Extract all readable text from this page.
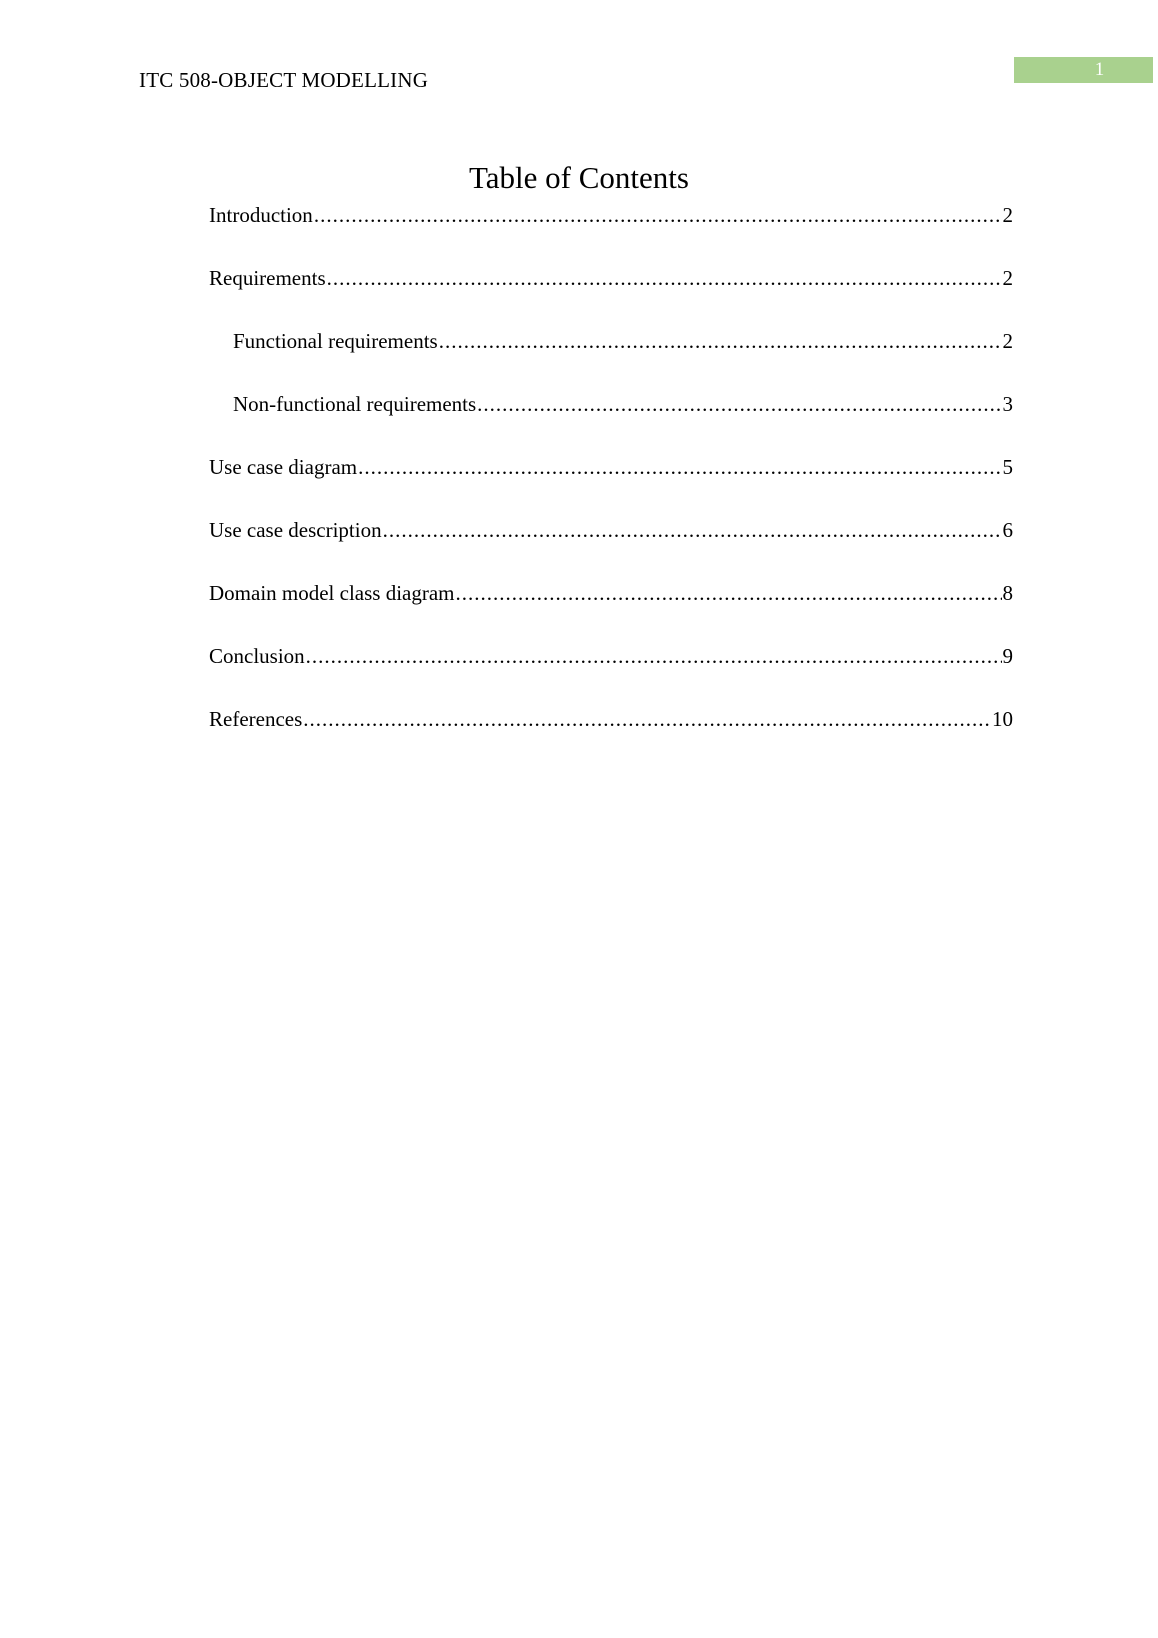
ITC 508-OBJECT MODELLING	1
Table of Contents
Introduction .....	2
Requirements .....	2
Functional requirements .....	2
Non-functional requirements .....	3
Use case diagram .....	5
Use case description .....	6
Domain model class diagram .....	8
Conclusion .....	9
References .....	10
